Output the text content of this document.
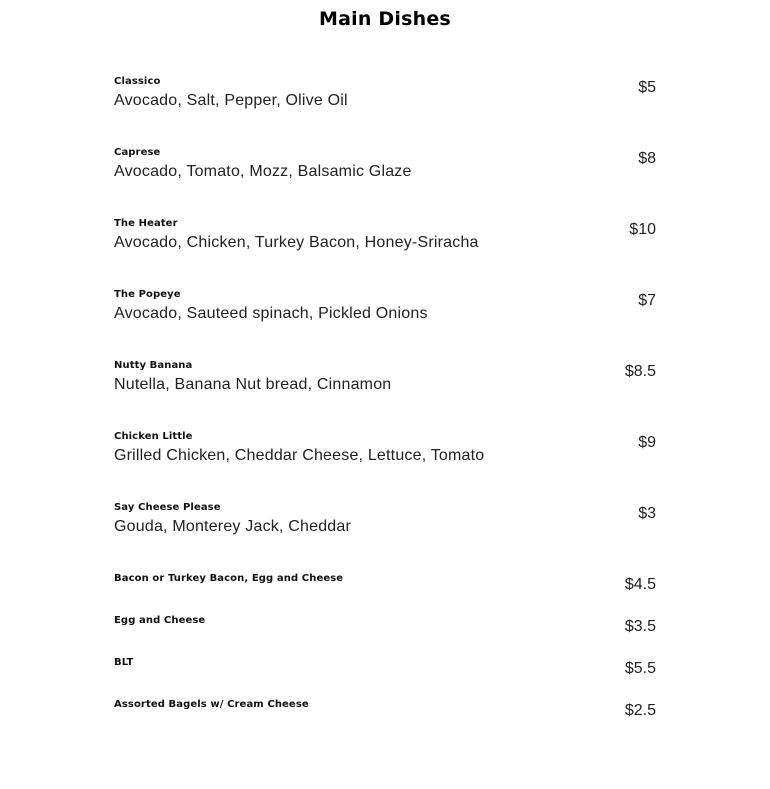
Main Dishes
Classico
Avocado, Salt, Pepper, Olive Oil
$5
Caprese
Avocado, Tomato, Mozz, Balsamic Glaze
$8
The Heater
Avocado, Chicken, Turkey Bacon, Honey-Sriracha
$10
The Popeye
Avocado, Sauteed spinach, Pickled Onions
$7
Nutty Banana
Nutella, Banana Nut bread, Cinnamon
$8.5
Chicken Little
Grilled Chicken, Cheddar Cheese, Lettuce, Tomato
$9
Say Cheese Please
Gouda, Monterey Jack, Cheddar
$3
Bacon or Turkey Bacon, Egg and Cheese	$4.5
Egg and Cheese	$3.5
BLT	$5.5
Assorted Bagels w/ Cream Cheese	$2.5
